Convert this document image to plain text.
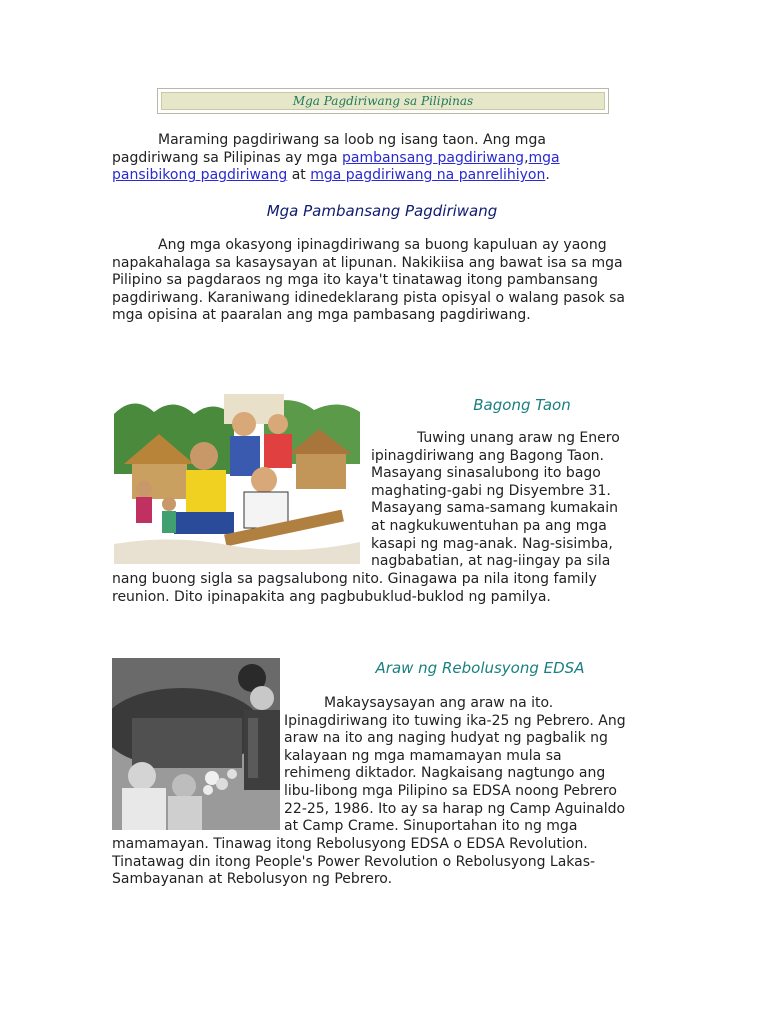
Mga Pagdiriwang sa Pilipinas

Maraming pagdiriwang sa loob ng isang taon. Ang mga pagdiriwang sa Pilipinas ay mga pambansang pagdiriwang,mga pansibikong pagdiriwang at mga pagdiriwang na panrelihiyon.

Mga Pambansang Pagdiriwang

Ang mga okasyong ipinagdiriwang sa buong kapuluan ay yaong napakahalaga sa kasaysayan at lipunan. Nakikiisa ang bawat isa sa mga Pilipino sa pagdaraos ng mga ito kaya't tinatawag itong pambansang pagdiriwang. Karaniwang idinedeklarang pista opisyal o walang pasok sa mga opisina at paaralan ang mga pambasang pagdiriwang.

Bagong Taon

Tuwing unang araw ng Enero

ipinagdiriwang ang Bagong Taon.

Masayang sinasalubong ito bago

maghating-gabi ng Disyembre 31.

Masayang sama-samang kumakain

at nagkukuwentuhan pa ang mga

kasapi ng mag-anak. Nag-sisimba,

nagbabatian, at nag-iingay pa sila

nang buong sigla sa pagsalubong nito. Ginagawa pa nila itong family

reunion. Dito ipinapakita ang pagbubuklud-buklod ng pamilya.

Araw ng Rebolusyong EDSA

Makaysaysayan ang araw na ito.

Ipinagdiriwang ito tuwing ika-25 ng Pebrero. Ang

araw na ito ang naging hudyat ng pagbalik ng

kalayaan ng mga mamamayan mula sa

rehimeng diktador. Nagkaisang nagtungo ang

libu-libong mga Pilipino sa EDSA noong Pebrero

22-25, 1986. Ito ay sa harap ng Camp Aguinaldo

at Camp Crame. Sinuportahan ito ng mga

mamamayan. Tinawag itong Rebolusyong EDSA o EDSA Revolution.

Tinatawag din itong People's Power Revolution o Rebolusyong Lakas-

Sambayanan at Rebolusyon ng Pebrero.
